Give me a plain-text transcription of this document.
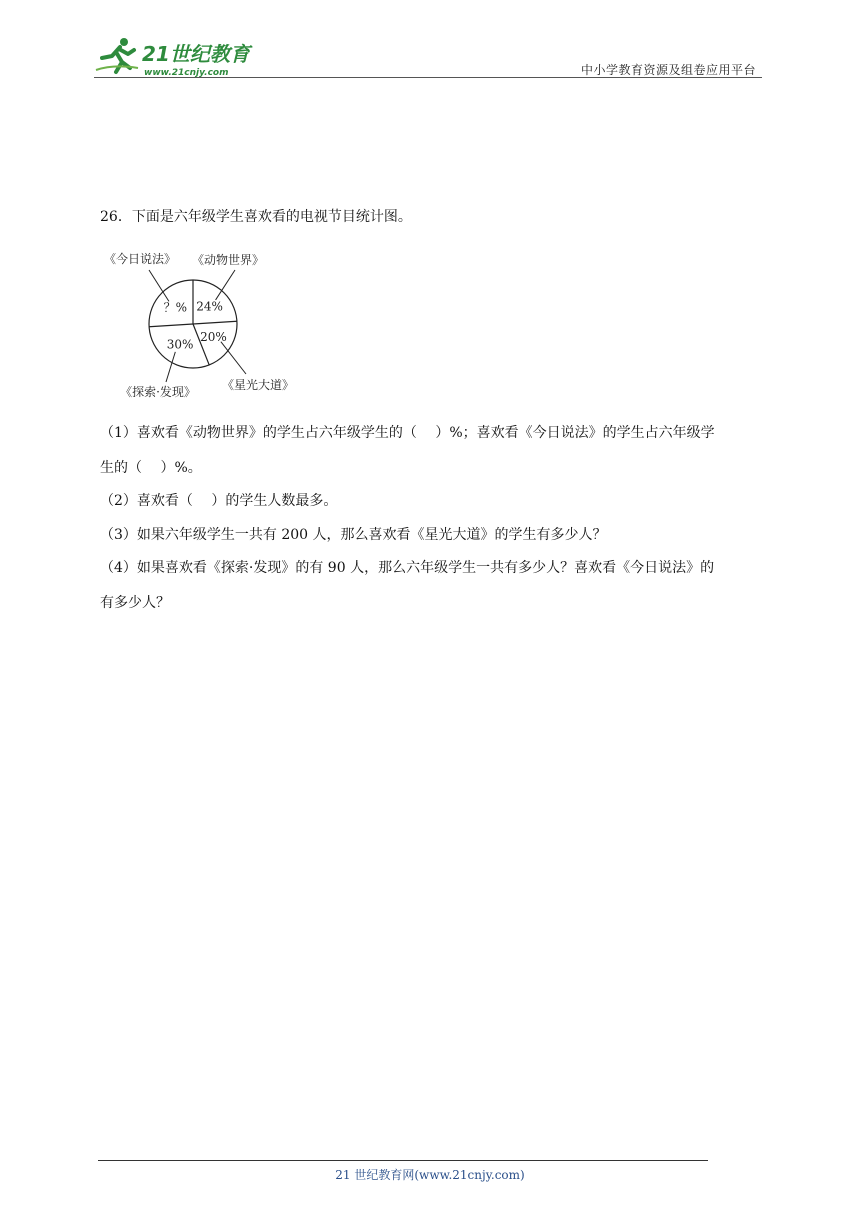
21世纪教育
www.21cnjy.com	中小学教育资源及组卷应用平台
26．下面是六年级学生喜欢看的电视节目统计图。
24%
《动物世界》
20%
《星光大道》
30%
《探索·发现》
？%
《今日说法》
（1）喜欢看《动物世界》的学生占六年级学生的（　 ）%；喜欢看《今日说法》的学生占六年级学
生的（　 ）%。
（2）喜欢看（　 ）的学生人数最多。
（3）如果六年级学生一共有 200 人，那么喜欢看《星光大道》的学生有多少人？
（4）如果喜欢看《探索·发现》的有 90 人，那么六年级学生一共有多少人？喜欢看《今日说法》的
有多少人？
21 世纪教育网(www.21cnjy.com)
